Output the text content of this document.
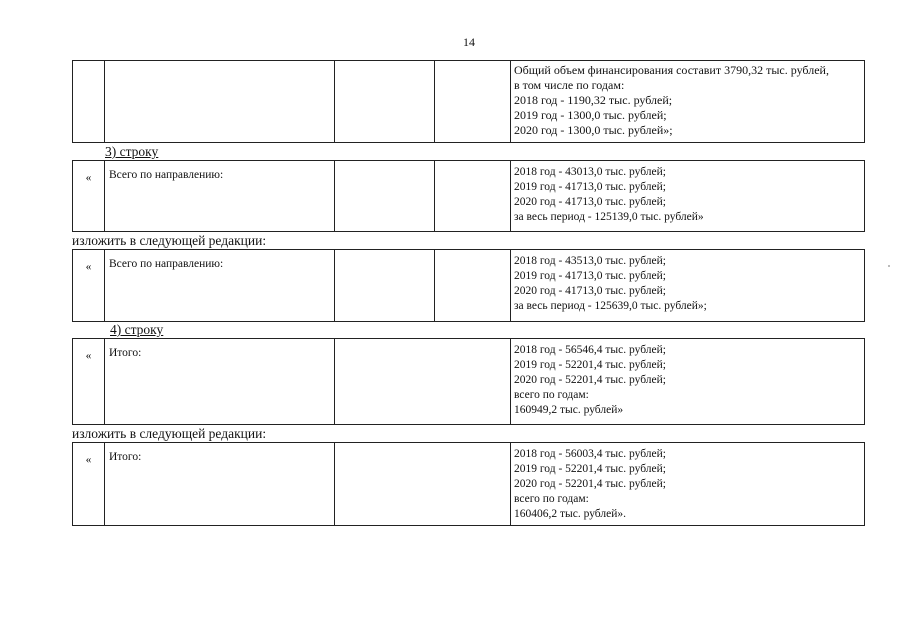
14

Общий объем финансирования составит 3790,32 тыс. рублей,
в том числе по годам:
2018 год - 1190,32 тыс. рублей;
2019 год - 1300,0 тыс. рублей;
2020 год - 1300,0 тыс. рублей»;
3) строку
«	Всего по направлению:			2018 год - 43013,0 тыс. рублей;
2019 год - 41713,0 тыс. рублей;
2020 год - 41713,0 тыс. рублей;
за весь период - 125139,0 тыс. рублей»
изложить в следующей редакции:
«	Всего по направлению:			2018 год - 43513,0 тыс. рублей;
2019 год - 41713,0 тыс. рублей;
2020 год - 41713,0 тыс. рублей;
за весь период - 125639,0 тыс. рублей»;
4) строку
«	Итого:		2018 год - 56546,4 тыс. рублей;
2019 год - 52201,4 тыс. рублей;
2020 год - 52201,4 тыс. рублей;
всего по годам:
160949,2 тыс. рублей»
изложить в следующей редакции:
«	Итого:		2018 год - 56003,4 тыс. рублей;
2019 год - 52201,4 тыс. рублей;
2020 год - 52201,4 тыс. рублей;
всего по годам:
160406,2 тыс. рублей».
